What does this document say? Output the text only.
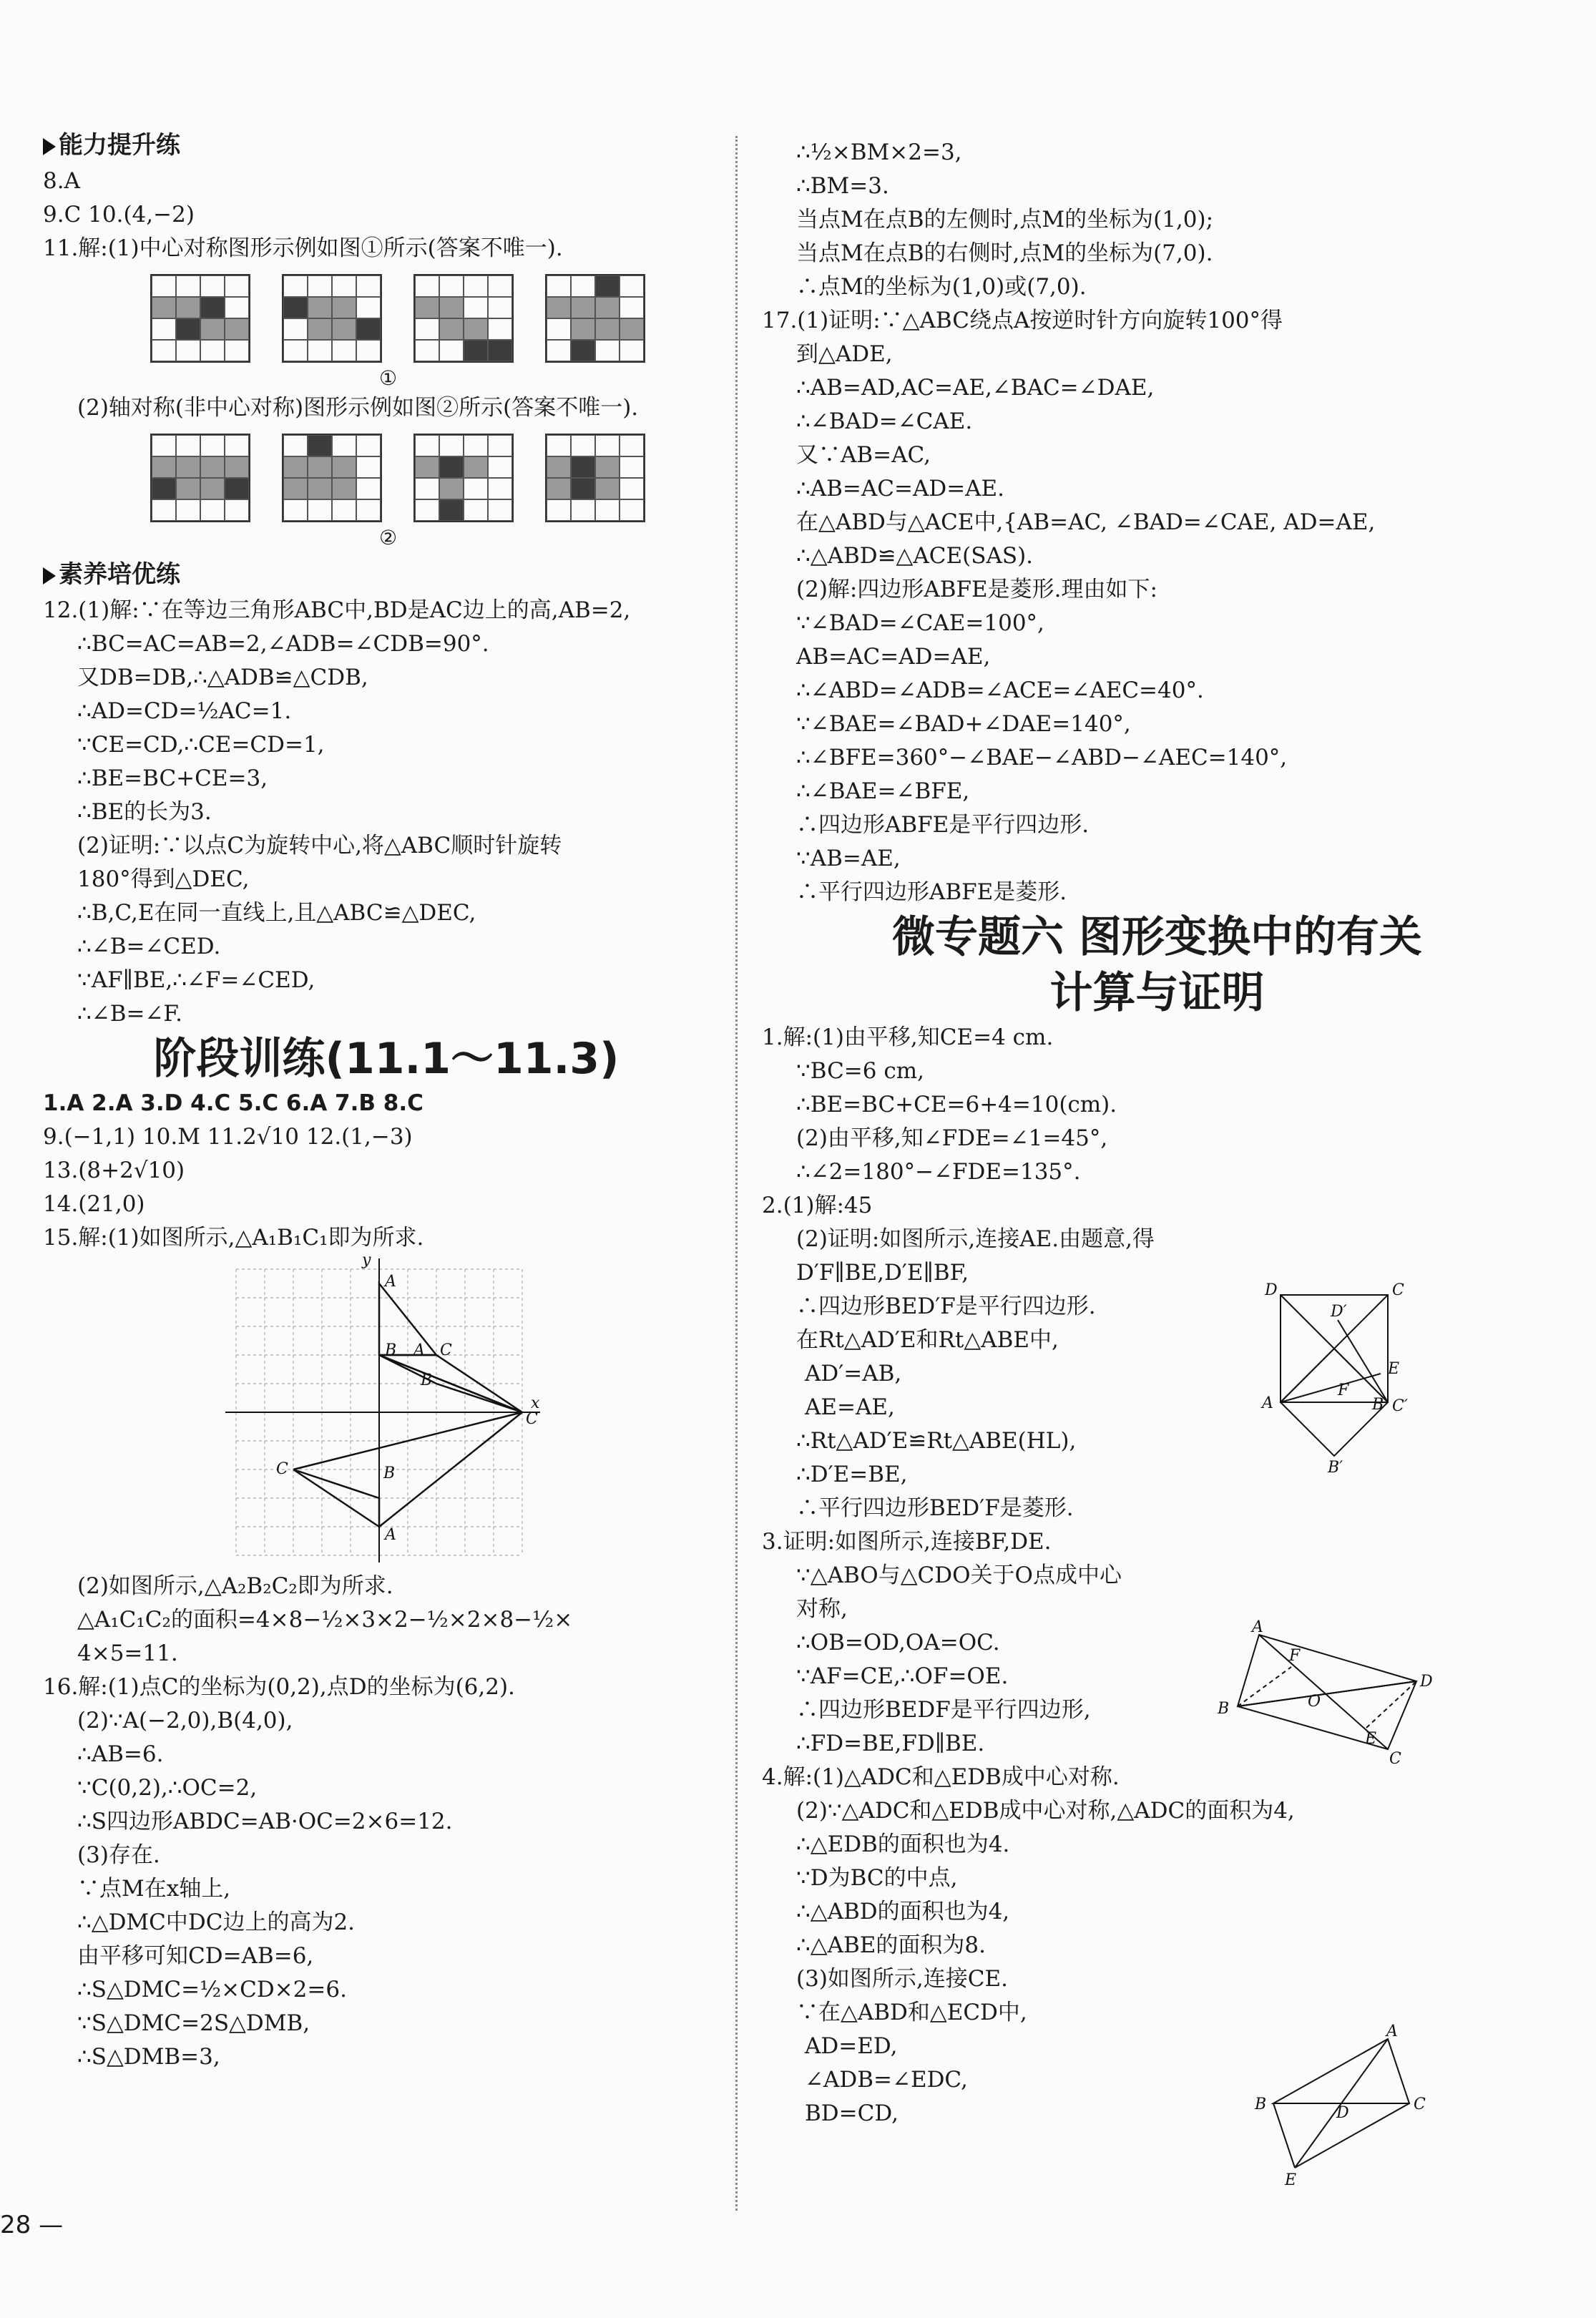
能力提升练
8.A
9.C 10.(4,−2)
11.解:(1)中心对称图形示例如图①所示(答案不唯一).
①
(2)轴对称(非中心对称)图形示例如图②所示(答案不唯一).
②
素养培优练
12.(1)解:∵在等边三角形ABC中,BD是AC边上的高,AB=2,
∴BC=AC=AB=2,∠ADB=∠CDB=90°.
又DB=DB,∴△ADB≌△CDB,
∴AD=CD=½AC=1.
∵CE=CD,∴CE=CD=1,
∴BE=BC+CE=3,
∴BE的长为3.
(2)证明:∵以点C为旋转中心,将△ABC顺时针旋转
180°得到△DEC,
∴B,C,E在同一直线上,且△ABC≌△DEC,
∴∠B=∠CED.
∵AF∥BE,∴∠F=∠CED,
∴∠B=∠F.
阶段训练(11.1～11.3)
1.A 2.A 3.D 4.C 5.C 6.A 7.B 8.C
9.(−1,1) 10.M 11.2√10 12.(1,−3)
13.(8+2√10)
14.(21,0)
15.解:(1)如图所示,△A₁B₁C₁即为所求.
A
B	C
A
B
C
C	B
A
x
y
(2)如图所示,△A₂B₂C₂即为所求.
△A₁C₁C₂的面积=4×8−½×3×2−½×2×8−½×
4×5=11.
16.解:(1)点C的坐标为(0,2),点D的坐标为(6,2).
(2)∵A(−2,0),B(4,0),
∴AB=6.
∵C(0,2),∴OC=2,
∴S四边形ABDC=AB·OC=2×6=12.
(3)存在.
∵点M在x轴上,
∴△DMC中DC边上的高为2.
由平移可知CD=AB=6,
∴S△DMC=½×CD×2=6.
∵S△DMC=2S△DMB,
∴S△DMB=3,
∴½×BM×2=3,
∴BM=3.
当点M在点B的左侧时,点M的坐标为(1,0);
当点M在点B的右侧时,点M的坐标为(7,0).
∴点M的坐标为(1,0)或(7,0).
17.(1)证明:∵△ABC绕点A按逆时针方向旋转100°得
到△ADE,
∴AB=AD,AC=AE,∠BAC=∠DAE,
∴∠BAD=∠CAE.
又∵AB=AC,
∴AB=AC=AD=AE.
在△ABD与△ACE中,{AB=AC, ∠BAD=∠CAE, AD=AE,
∴△ABD≌△ACE(SAS).
(2)解:四边形ABFE是菱形.理由如下:
∵∠BAD=∠CAE=100°,
AB=AC=AD=AE,
∴∠ABD=∠ADB=∠ACE=∠AEC=40°.
∵∠BAE=∠BAD+∠DAE=140°,
∴∠BFE=360°−∠BAE−∠ABD−∠AEC=140°,
∴∠BAE=∠BFE,
∴四边形ABFE是平行四边形.
∵AB=AE,
∴平行四边形ABFE是菱形.
微专题六 图形变换中的有关
计算与证明
1.解:(1)由平移,知CE=4 cm.
∵BC=6 cm,
∴BE=BC+CE=6+4=10(cm).
(2)由平移,知∠FDE=∠1=45°,
∴∠2=180°−∠FDE=135°.
2.(1)解:45
(2)证明:如图所示,连接AE.由题意,得
D′F∥BE,D′E∥BF,
∴四边形BED′F是平行四边形.
在Rt△AD′E和Rt△ABE中,
AD′=AB,
AE=AE,
∴Rt△AD′E≌Rt△ABE(HL),
∴D′E=BE,
∴平行四边形BED′F是菱形.
3.证明:如图所示,连接BF,DE.
∵△ABO与△CDO关于O点成中心
对称,
∴OB=OD,OA=OC.
∵AF=CE,∴OF=OE.
∴四边形BEDF是平行四边形,
∴FD=BE,FD∥BE.
4.解:(1)△ADC和△EDB成中心对称.
(2)∵△ADC和△EDB成中心对称,△ADC的面积为4,
∴△EDB的面积也为4.
∵D为BC的中点,
∴△ABD的面积也为4,
∴△ABE的面积为8.
(3)如图所示,连接CE.
∵在△ABD和△ECD中,
AD=ED,
∠ADB=∠EDC,
BD=CD,
D	C
A	B C′
B′
D′
E
F
A
F
B
D
O
E
C
B
A
C
D
E
28 —
